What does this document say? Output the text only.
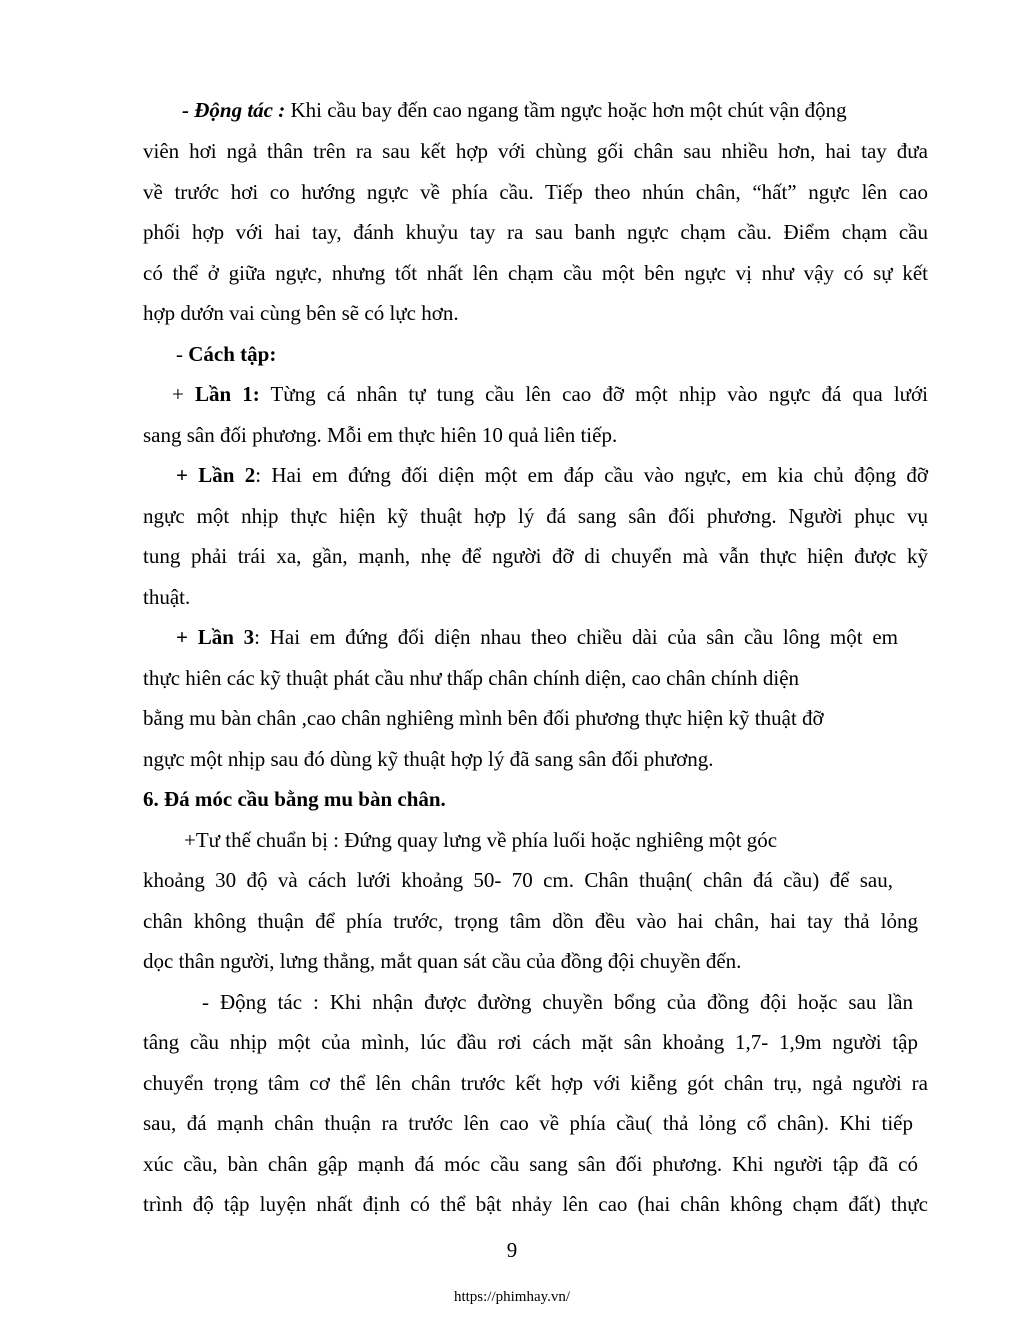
- Động tác : Khi cầu bay đến cao ngang tầm ngực hoặc hơn một chút vận động
viên hơi ngả thân trên ra sau kết hợp với chùng gối chân sau nhiều hơn, hai tay đưa
về trước hơi co hướng ngực về phía cầu. Tiếp theo nhún chân, “hất” ngực lên cao
phối hợp với hai tay, đánh khuỷu tay ra sau banh ngực chạm cầu. Điểm chạm cầu
có thể ở giữa ngực, nhưng tốt nhất lên chạm cầu một bên ngực vị như vậy có sự kết
hợp dướn vai cùng bên sẽ có lực hơn.
- Cách tập:
+ Lần 1: Từng cá nhân tự tung cầu lên cao đỡ một nhịp vào ngực đá qua lưới
sang sân đối phương. Mỗi em thực hiên 10 quả liên tiếp.
+ Lần 2: Hai em đứng đối diện một em đáp cầu vào ngực, em kia chủ động đỡ
ngực một nhịp thực hiện kỹ thuật hợp lý đá sang sân đối phương. Người phục vụ
tung phải trái xa, gần, mạnh, nhẹ để người đỡ di chuyển mà vẫn thực hiện được kỹ
thuật.
+ Lần 3: Hai em đứng đối diện nhau theo chiều dài của sân cầu lông một em
thực hiên các kỹ thuật phát cầu như thấp chân chính diện, cao chân chính diện
bằng mu bàn chân ,cao chân nghiêng mình bên đối phương thực hiện kỹ thuật đỡ
ngực một nhịp sau đó dùng kỹ thuật hợp lý đã sang sân đối phương.
6. Đá móc cầu bằng mu bàn chân.
+Tư thế chuẩn bị : Đứng quay lưng về phía luối hoặc nghiêng một góc
khoảng 30 độ và cách lưới khoảng 50- 70 cm. Chân thuận( chân đá cầu) để sau,
chân không thuận để phía trước, trọng tâm dồn đều vào hai chân, hai tay thả lỏng
dọc thân người, lưng thẳng, mắt quan sát cầu của đồng đội chuyền đến.
- Động tác : Khi nhận được đường chuyền bổng của đồng đội hoặc sau lần
tâng cầu nhịp một của mình, lúc đầu rơi cách mặt sân khoảng 1,7- 1,9m người tập
chuyển trọng tâm cơ thể lên chân trước kết hợp với kiễng gót chân trụ, ngả người ra
sau, đá mạnh chân thuận ra trước lên cao về phía cầu( thả lỏng cổ chân). Khi tiếp
xúc cầu, bàn chân gập mạnh đá móc cầu sang sân đối phương. Khi người tập đã có
trình độ tập luyện nhất định có thể bật nhảy lên cao (hai chân không chạm đất) thực
9
https://phimhay.vn/
